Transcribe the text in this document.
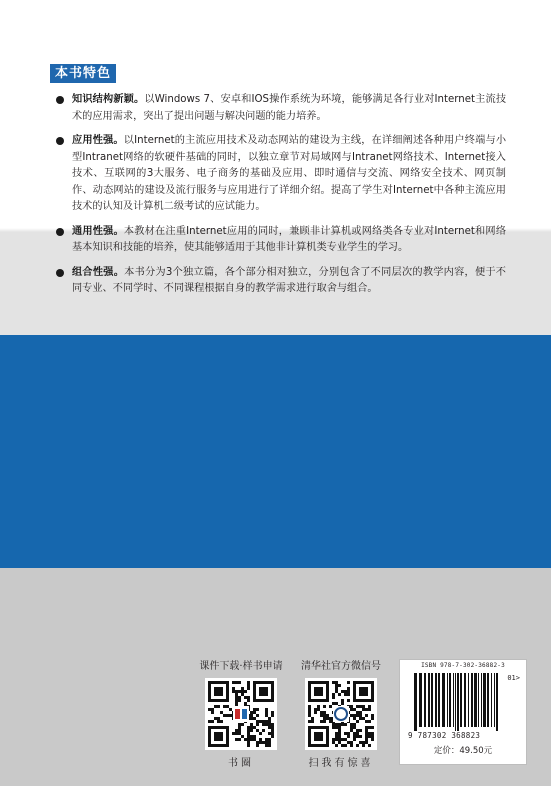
本书特色
知识结构新颖。以Windows 7、安卓和IOS操作系统为环境，能够满足各行业对Internet主流技术的应用需求，突出了提出问题与解决问题的能力培养。
应用性强。以Internet的主流应用技术及动态网站的建设为主线，在详细阐述各种用户终端与小型Intranet网络的软硬件基础的同时，以独立章节对局域网与Intranet网络技术、Internet接入技术、互联网的3大服务、电子商务的基础及应用、即时通信与交流、网络安全技术、网页制作、动态网站的建设及流行服务与应用进行了详细介绍。提高了学生对Internet中各种主流应用技术的认知及计算机二级考试的应试能力。
通用性强。本教材在注重Internet应用的同时，兼顾非计算机或网络类各专业对Internet和网络基本知识和技能的培养，使其能够适用于其他非计算机类专业学生的学习。
组合性强。本书分为3个独立篇，各个部分相对独立，分别包含了不同层次的教学内容，便于不同专业、不同学时、不同课程根据自身的教学需求进行取舍与组合。
课件下载·样书申请
书圈
清华社官方微信号
扫我有惊喜
ISBN 978-7-302-36882-3
01>
9 787302 368823
定价：49.50元
